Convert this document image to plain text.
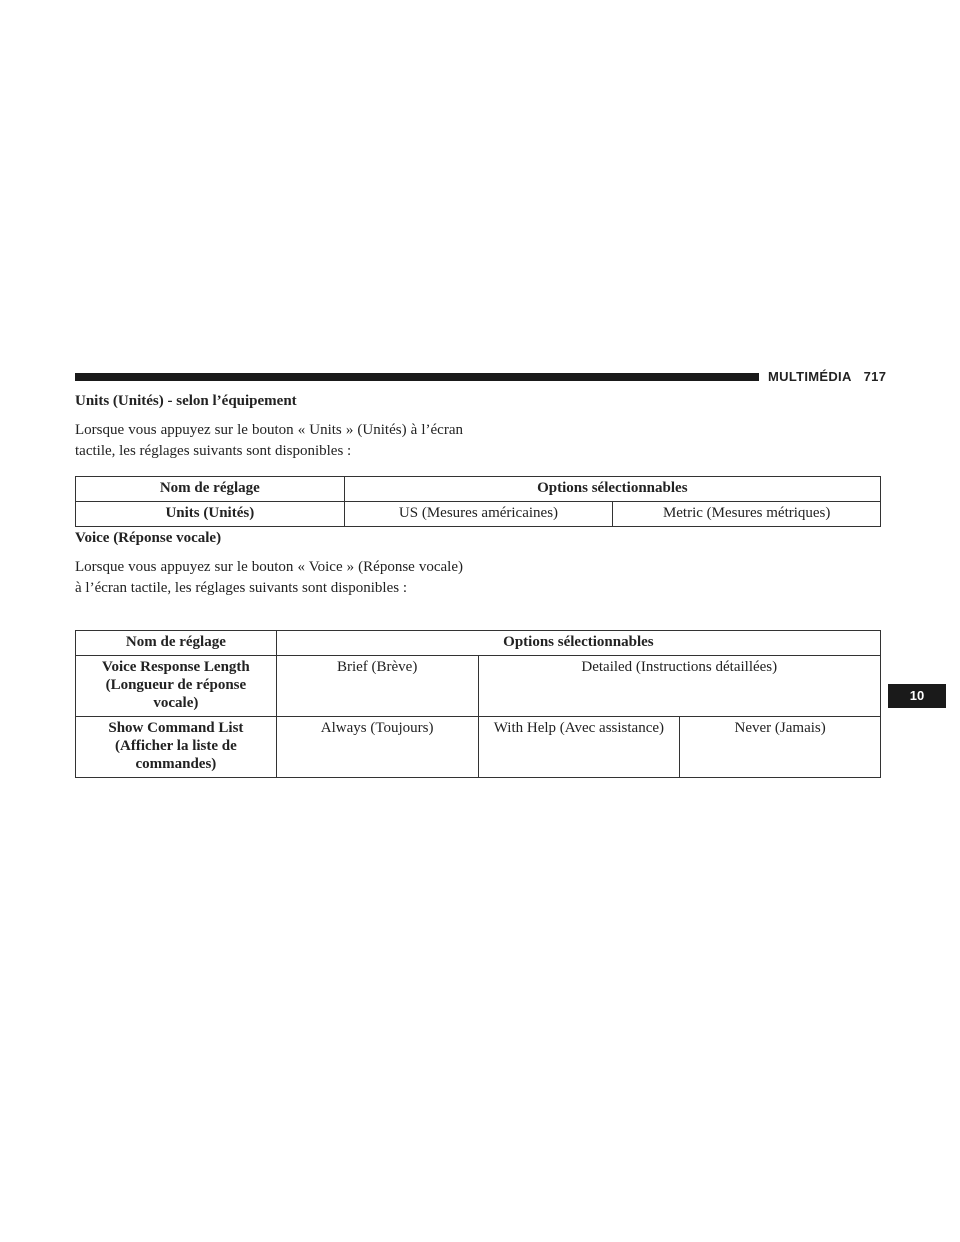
MULTIMÉDIA 717
10
Units (Unités) - selon l’équipement

Lorsque vous appuyez sur le bouton « Units » (Unités) à l’écran tactile, les réglages suivants sont disponibles :

Nom de réglage	Options sélectionnables	
Units (Unités)	US (Mesures américaines)	Metric (Mesures métriques)
Voice (Réponse vocale)

Lorsque vous appuyez sur le bouton « Voice » (Réponse vocale) à l’écran tactile, les réglages suivants sont disponibles :

Nom de réglage	Options sélectionnables		
Voice Response Length (Longueur de réponse vocale)	Brief (Brève)	Detailed (Instructions détaillées)	
Show Command List (Afficher la liste de commandes)	Always (Toujours)	With Help (Avec assistance)	Never (Jamais)
